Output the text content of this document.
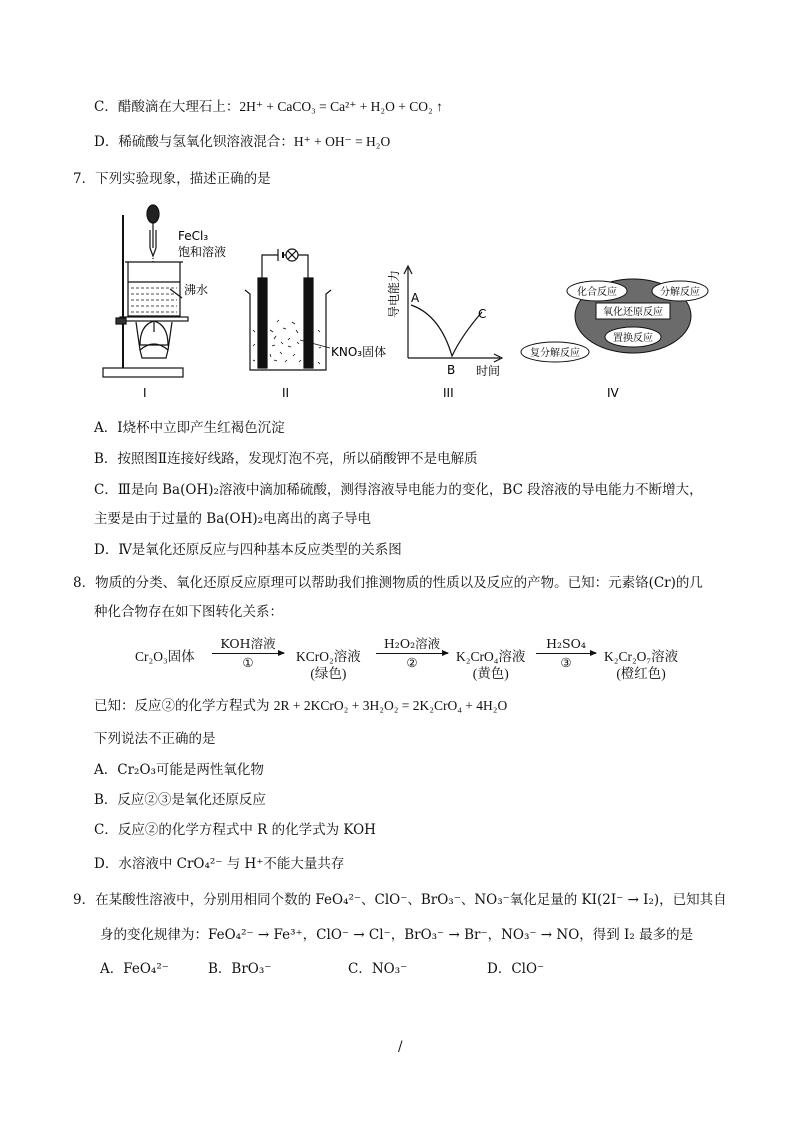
C．醋酸滴在大理石上：2H⁺ + CaCO₃ = Ca²⁺ + H₂O + CO₂ ↑
D．稀硫酸与氢氧化钡溶液混合：H⁺ + OH⁻ = H₂O
7．下列实验现象，描述正确的是
FeCl₃
饱和溶液
沸水
I
KNO₃固体
II
导电能力
时间
A
B
C
III
化合反应	分解反应
氧化还原反应
置换反应
复分解反应
IV
A．Ⅰ烧杯中立即产生红褐色沉淀
B．按照图Ⅱ连接好线路，发现灯泡不亮，所以硝酸钾不是电解质
C．Ⅲ是向 Ba(OH)₂溶液中滴加稀硫酸，测得溶液导电能力的变化，BC 段溶液的导电能力不断增大，
主要是由于过量的 Ba(OH)₂电离出的离子导电
D．Ⅳ是氧化还原反应与四种基本反应类型的关系图
8．物质的分类、氧化还原反应原理可以帮助我们推测物质的性质以及反应的产物。已知：元素铬(Cr)的几
种化合物存在如下图转化关系：
Cr₂O₃固体
KOH溶液
①	KCrO₂溶液
(绿色)
H₂O₂溶液
②	K₂CrO₄溶液
(黄色)
H₂SO₄
③	K₂Cr₂O₇溶液
(橙红色)
已知：反应②的化学方程式为 2R + 2KCrO₂ + 3H₂O₂ = 2K₂CrO₄ + 4H₂O
下列说法不正确的是
A．Cr₂O₃可能是两性氧化物
B．反应②③是氧化还原反应
C．反应②的化学方程式中 R 的化学式为 KOH
D．水溶液中 CrO₄²⁻ 与 H⁺不能大量共存
9．在某酸性溶液中，分别用相同个数的 FeO₄²⁻、ClO⁻、BrO₃⁻、NO₃⁻氧化足量的 KI(2I⁻ → I₂)，已知其自
身的变化规律为：FeO₄²⁻ → Fe³⁺，ClO⁻ → Cl⁻，BrO₃⁻ → Br⁻，NO₃⁻ → NO，得到 I₂ 最多的是
A．FeO₄²⁻	B．BrO₃⁻	C．NO₃⁻	D．ClO⁻
/
